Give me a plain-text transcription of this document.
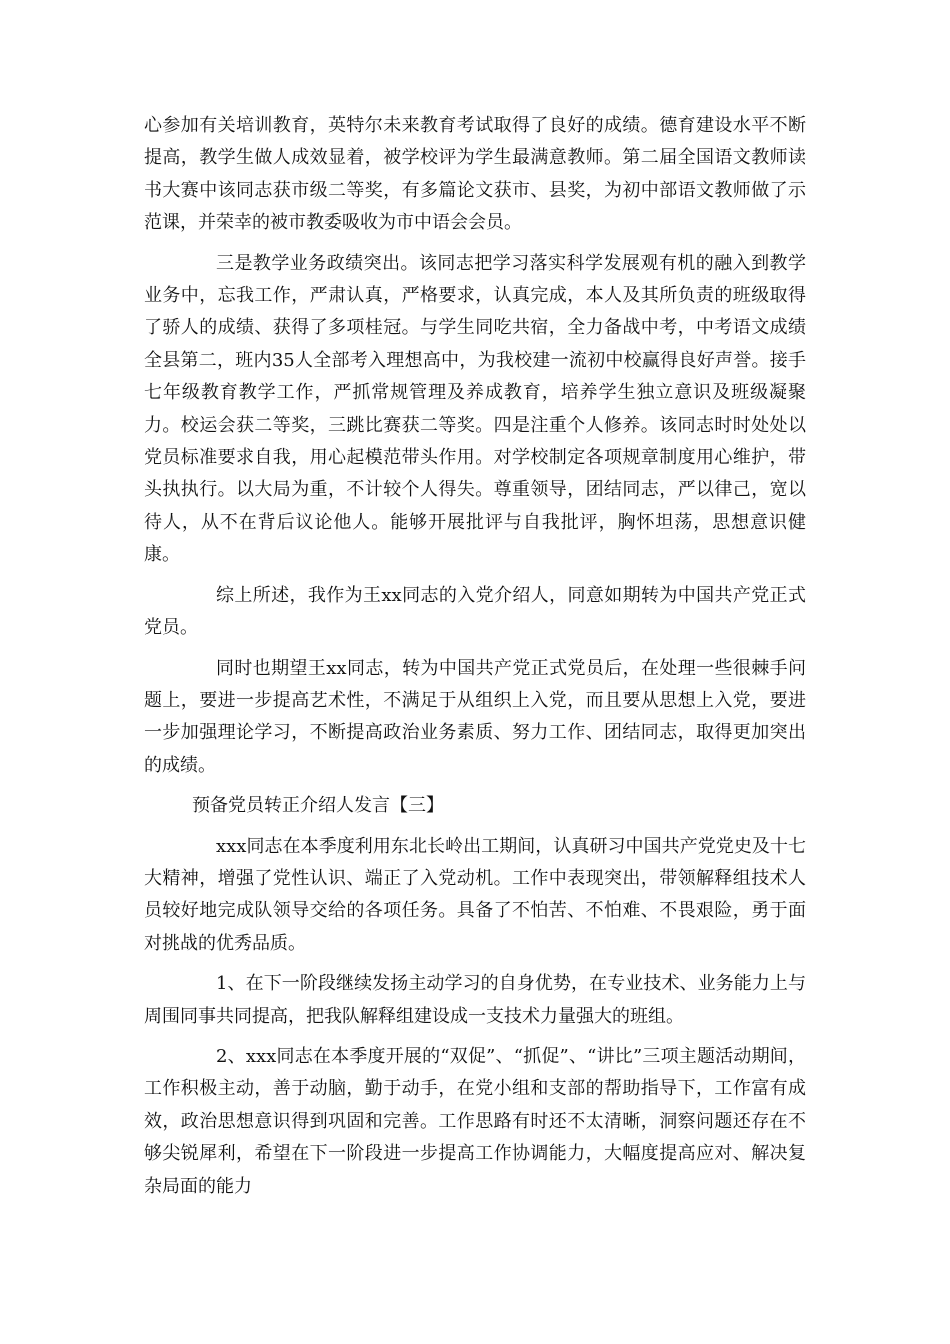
心参加有关培训教育，英特尔未来教育考试取得了良好的成绩。德育建设水平不断提高，教学生做人成效显着，被学校评为学生最满意教师。第二届全国语文教师读书大赛中该同志获市级二等奖，有多篇论文获市、县奖，为初中部语文教师做了示范课，并荣幸的被市教委吸收为市中语会会员。

三是教学业务政绩突出。该同志把学习落实科学发展观有机的融入到教学业务中，忘我工作，严肃认真，严格要求，认真完成，本人及其所负责的班级取得了骄人的成绩、获得了多项桂冠。与学生同吃共宿，全力备战中考，中考语文成绩全县第二，班内35人全部考入理想高中，为我校建一流初中校赢得良好声誉。接手七年级教育教学工作，严抓常规管理及养成教育，培养学生独立意识及班级凝聚力。校运会获二等奖，三跳比赛获二等奖。四是注重个人修养。该同志时时处处以党员标准要求自我，用心起模范带头作用。对学校制定各项规章制度用心维护，带头执执行。以大局为重，不计较个人得失。尊重领导，团结同志，严以律己，宽以待人，从不在背后议论他人。能够开展批评与自我批评，胸怀坦荡，思想意识健康。

综上所述，我作为王xx同志的入党介绍人，同意如期转为中国共产党正式党员。

同时也期望王xx同志，转为中国共产党正式党员后，在处理一些很棘手问题上，要进一步提高艺术性，不满足于从组织上入党，而且要从思想上入党，要进一步加强理论学习，不断提高政治业务素质、努力工作、团结同志，取得更加突出的成绩。

预备党员转正介绍人发言【三】

xxx同志在本季度利用东北长岭出工期间，认真研习中国共产党党史及十七大精神，增强了党性认识、端正了入党动机。工作中表现突出，带领解释组技术人员较好地完成队领导交给的各项任务。具备了不怕苦、不怕难、不畏艰险，勇于面对挑战的优秀品质。

1、在下一阶段继续发扬主动学习的自身优势，在专业技术、业务能力上与周围同事共同提高，把我队解释组建设成一支技术力量强大的班组。

2、xxx同志在本季度开展的“双促”、“抓促”、“讲比”三项主题活动期间，工作积极主动，善于动脑，勤于动手，在党小组和支部的帮助指导下，工作富有成效，政治思想意识得到巩固和完善。工作思路有时还不太清晰，洞察问题还存在不够尖锐犀利，希望在下一阶段进一步提高工作协调能力，大幅度提高应对、解决复杂局面的能力
